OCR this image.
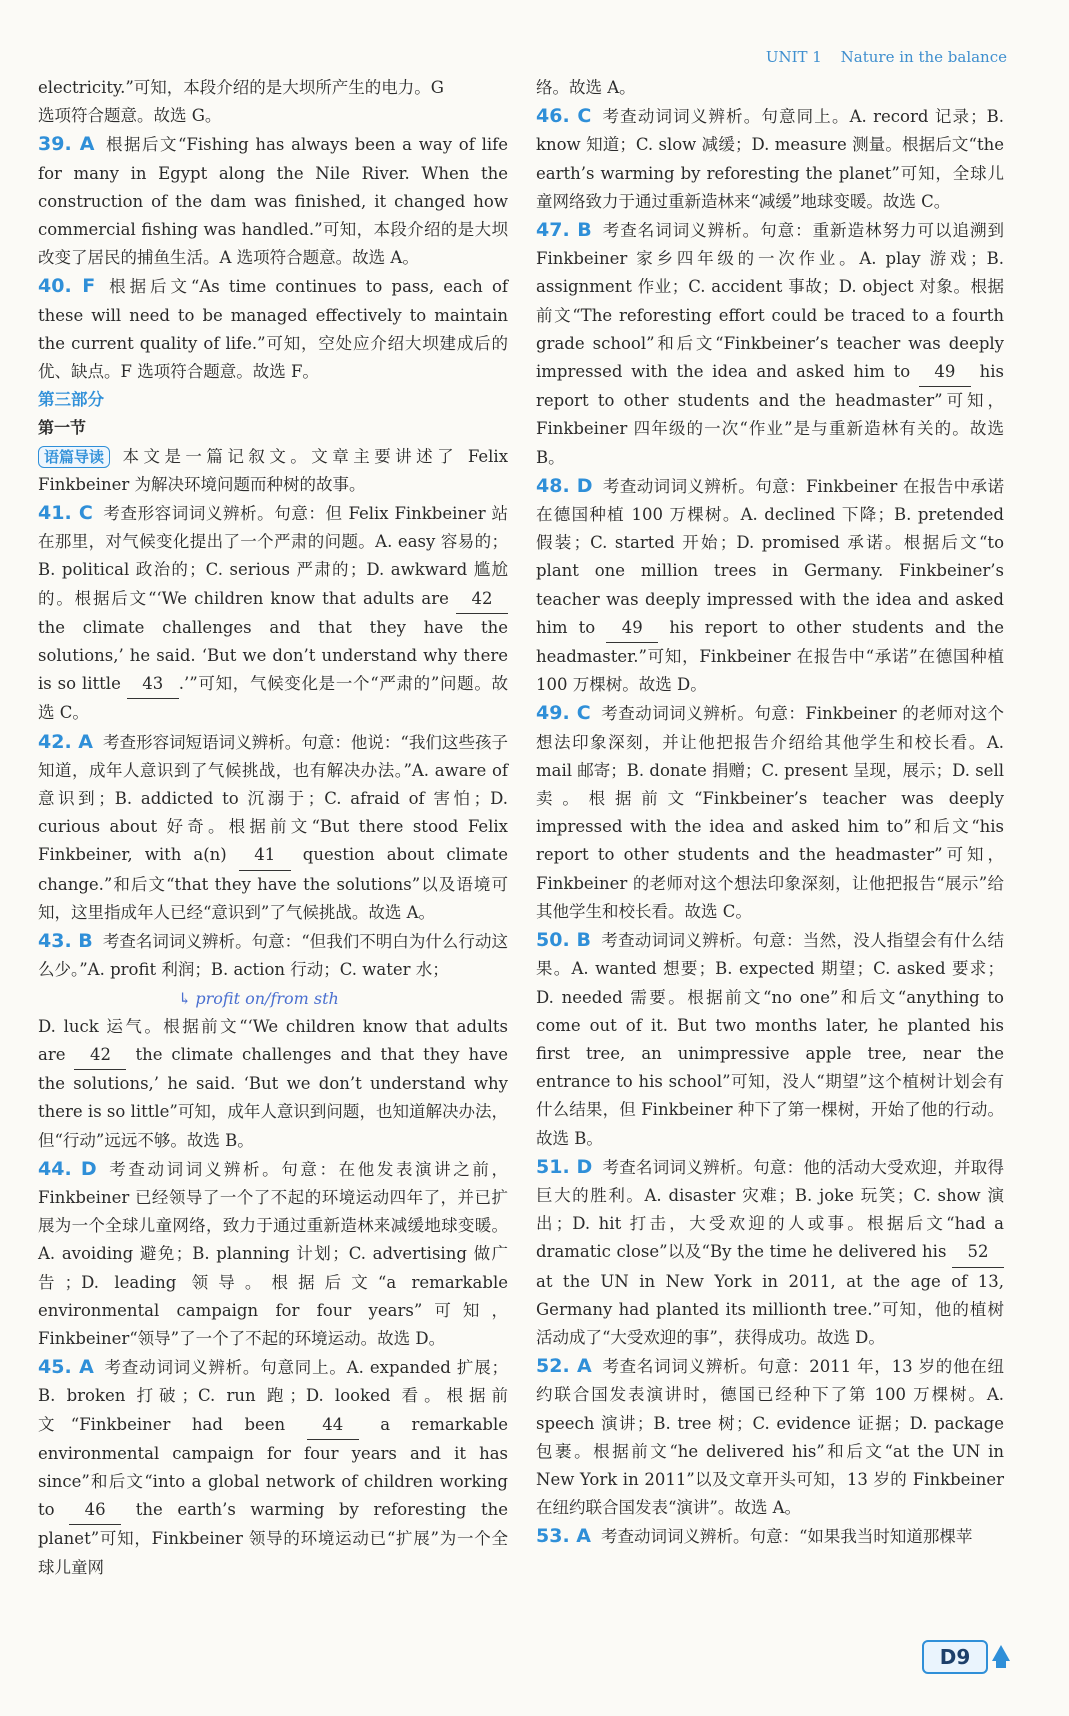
UNIT 1 Nature in the balance

electricity.”可知，本段介绍的是大坝所产生的电力。G

选项符合题意。故选 G。

39. A 根据后文“Fishing has always been a way of life for many in Egypt along the Nile River. When the construction of the dam was finished, it changed how commercial fishing was handled.”可知，本段介绍的是大坝改变了居民的捕鱼生活。A 选项符合题意。故选 A。

40. F 根据后文“As time continues to pass, each of these will need to be managed effectively to maintain the current quality of life.”可知，空处应介绍大坝建成后的优、缺点。F 选项符合题意。故选 F。

第三部分

第一节

语篇导读 本文是一篇记叙文。文章主要讲述了 Felix Finkbeiner 为解决环境问题而种树的故事。

41. C 考查形容词词义辨析。句意：但 Felix Finkbeiner 站在那里，对气候变化提出了一个严肃的问题。A. easy 容易的；B. political 政治的；C. serious 严肃的；D. awkward 尴尬的。根据后文“‘We children know that adults are 42 the climate challenges and that they have the solutions,’ he said. ‘But we don’t understand why there is so little 43 .’”可知，气候变化是一个“严肃的”问题。故选 C。

42. A 考查形容词短语词义辨析。句意：他说：“我们这些孩子知道，成年人意识到了气候挑战，也有解决办法。”A. aware of 意识到；B. addicted to 沉溺于；C. afraid of 害怕；D. curious about 好奇。根据前文“But there stood Felix Finkbeiner, with a(n) 41 question about climate change.”和后文“that they have the solutions”以及语境可知，这里指成年人已经“意识到”了气候挑战。故选 A。

43. B 考查名词词义辨析。句意：“但我们不明白为什么行动这么少。”A. profit 利润；B. action 行动；C. water 水；
↳ profit on/from sth
D. luck 运气。根据前文“‘We children know that adults are 42 the climate challenges and that they have the solutions,’ he said. ‘But we don’t understand why there is so little”可知，成年人意识到问题，也知道解决办法，但“行动”远远不够。故选 B。

44. D 考查动词词义辨析。句意：在他发表演讲之前，Finkbeiner 已经领导了一个了不起的环境运动四年了，并已扩展为一个全球儿童网络，致力于通过重新造林来减缓地球变暖。A. avoiding 避免；B. planning 计划；C. advertising 做广告；D. leading 领导。根据后文“a remarkable environmental campaign for four years”可知，Finkbeiner“领导”了一个了不起的环境运动。故选 D。

45. A 考查动词词义辨析。句意同上。A. expanded 扩展；B. broken 打破；C. run 跑；D. looked 看。根据前文“Finkbeiner had been 44 a remarkable environmental campaign for four years and it has since”和后文“into a global network of children working to 46 the earth’s warming by reforesting the planet”可知，Finkbeiner 领导的环境运动已“扩展”为一个全球儿童网

络。故选 A。

46. C 考查动词词义辨析。句意同上。A. record 记录；B. know 知道；C. slow 减缓；D. measure 测量。根据后文“the earth’s warming by reforesting the planet”可知，全球儿童网络致力于通过重新造林来“减缓”地球变暖。故选 C。

47. B 考查名词词义辨析。句意：重新造林努力可以追溯到 Finkbeiner 家乡四年级的一次作业。A. play 游戏；B. assignment 作业；C. accident 事故；D. object 对象。根据前文“The reforesting effort could be traced to a fourth grade school”和后文“Finkbeiner’s teacher was deeply impressed with the idea and asked him to 49 his report to other students and the headmaster”可知，Finkbeiner 四年级的一次“作业”是与重新造林有关的。故选 B。

48. D 考查动词词义辨析。句意：Finkbeiner 在报告中承诺在德国种植 100 万棵树。A. declined 下降；B. pretended 假装；C. started 开始；D. promised 承诺。根据后文“to plant one million trees in Germany. Finkbeiner’s teacher was deeply impressed with the idea and asked him to 49 his report to other students and the headmaster.”可知，Finkbeiner 在报告中“承诺”在德国种植 100 万棵树。故选 D。

49. C 考查动词词义辨析。句意：Finkbeiner 的老师对这个想法印象深刻，并让他把报告介绍给其他学生和校长看。A. mail 邮寄；B. donate 捐赠；C. present 呈现，展示；D. sell 卖。根据前文“Finkbeiner’s teacher was deeply impressed with the idea and asked him to”和后文“his report to other students and the headmaster”可知，Finkbeiner 的老师对这个想法印象深刻，让他把报告“展示”给其他学生和校长看。故选 C。

50. B 考查动词词义辨析。句意：当然，没人指望会有什么结果。A. wanted 想要；B. expected 期望；C. asked 要求；D. needed 需要。根据前文“no one”和后文“anything to come out of it. But two months later, he planted his first tree, an unimpressive apple tree, near the entrance to his school”可知，没人“期望”这个植树计划会有什么结果，但 Finkbeiner 种下了第一棵树，开始了他的行动。故选 B。

51. D 考查名词词义辨析。句意：他的活动大受欢迎，并取得巨大的胜利。A. disaster 灾难；B. joke 玩笑；C. show 演出；D. hit 打击，大受欢迎的人或事。根据后文“had a dramatic close”以及“By the time he delivered his 52 at the UN in New York in 2011, at the age of 13, Germany had planted its millionth tree.”可知，他的植树活动成了“大受欢迎的事”，获得成功。故选 D。

52. A 考查名词词义辨析。句意：2011 年，13 岁的他在纽约联合国发表演讲时，德国已经种下了第 100 万棵树。A. speech 演讲；B. tree 树；C. evidence 证据；D. package 包裹。根据前文“he delivered his”和后文“at the UN in New York in 2011”以及文章开头可知，13 岁的 Finkbeiner 在纽约联合国发表“演讲”。故选 A。

53. A 考查动词词义辨析。句意：“如果我当时知道那棵苹

D9
